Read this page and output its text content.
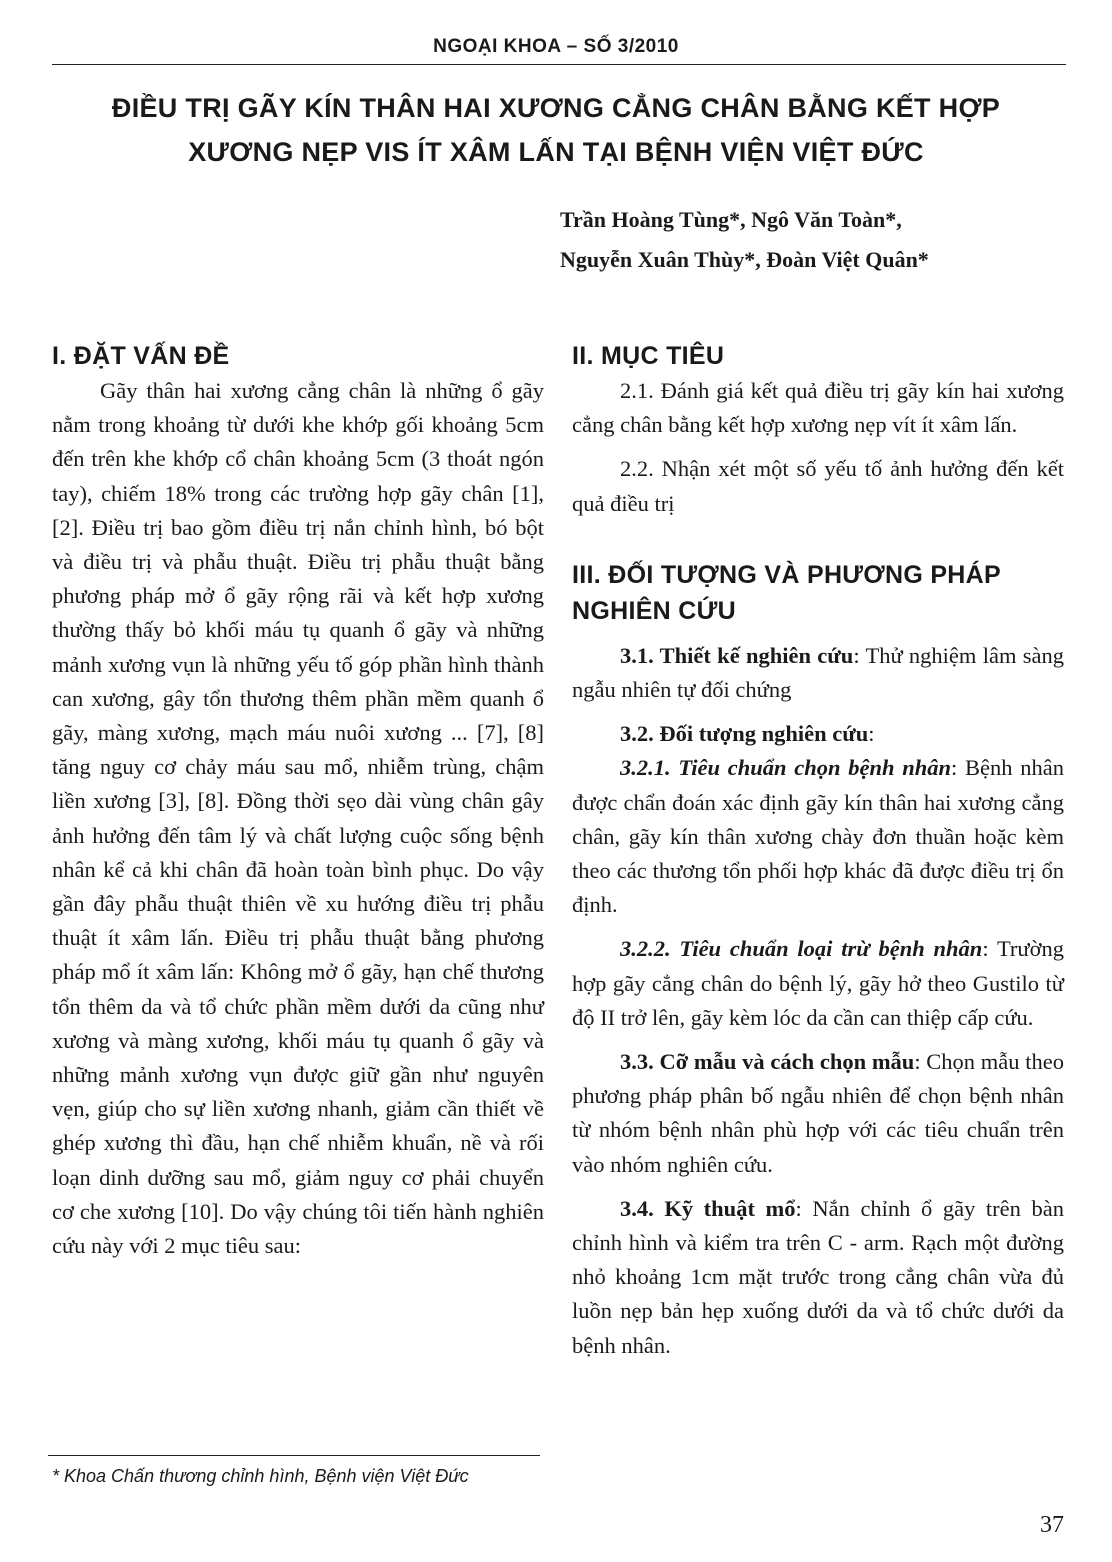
NGOẠI KHOA – SỐ 3/2010
ĐIỀU TRỊ GÃY KÍN THÂN HAI XƯƠNG CẲNG CHÂN BẰNG KẾT HỢP
XƯƠNG NẸP VIS ÍT XÂM LẤN TẠI BỆNH VIỆN VIỆT ĐỨC
Trần Hoàng Tùng*, Ngô Văn Toàn*,
Nguyễn Xuân Thùy*, Đoàn Việt Quân*
I. ĐẶT VẤN ĐỀ

Gãy thân hai xương cẳng chân là những ổ gãy nằm trong khoảng từ dưới khe khớp gối khoảng 5cm đến trên khe khớp cổ chân khoảng 5cm (3 thoát ngón tay), chiếm 18% trong các trường hợp gãy chân [1], [2]. Điều trị bao gồm điều trị nắn chỉnh hình, bó bột và điều trị và phẫu thuật. Điều trị phẫu thuật bằng phương pháp mở ổ gãy rộng rãi và kết hợp xương thường thấy bỏ khối máu tụ quanh ổ gãy và những mảnh xương vụn là những yếu tố góp phần hình thành can xương, gây tổn thương thêm phần mềm quanh ổ gãy, màng xương, mạch máu nuôi xương ... [7], [8] tăng nguy cơ chảy máu sau mổ, nhiễm trùng, chậm liền xương [3], [8]. Đồng thời sẹo dài vùng chân gây ảnh hưởng đến tâm lý và chất lượng cuộc sống bệnh nhân kể cả khi chân đã hoàn toàn bình phục. Do vậy gần đây phẫu thuật thiên về xu hướng điều trị phẫu thuật ít xâm lấn. Điều trị phẫu thuật bằng phương pháp mổ ít xâm lấn: Không mở ổ gãy, hạn chế thương tổn thêm da và tổ chức phần mềm dưới da cũng như xương và màng xương, khối máu tụ quanh ổ gãy và những mảnh xương vụn được giữ gần như nguyên vẹn, giúp cho sự liền xương nhanh, giảm cần thiết về ghép xương thì đầu, hạn chế nhiễm khuẩn, nề và rối loạn dinh dưỡng sau mổ, giảm nguy cơ phải chuyển cơ che xương [10]. Do vậy chúng tôi tiến hành nghiên cứu này với 2 mục tiêu sau:

II. MỤC TIÊU

2.1. Đánh giá kết quả điều trị gãy kín hai xương cẳng chân bằng kết hợp xương nẹp vít ít xâm lấn.

2.2. Nhận xét một số yếu tố ảnh hưởng đến kết quả điều trị

III. ĐỐI TƯỢNG VÀ PHƯƠNG PHÁP NGHIÊN CỨU

3.1. Thiết kế nghiên cứu: Thử nghiệm lâm sàng ngẫu nhiên tự đối chứng

3.2. Đối tượng nghiên cứu:

3.2.1. Tiêu chuẩn chọn bệnh nhân: Bệnh nhân được chẩn đoán xác định gãy kín thân hai xương cẳng chân, gãy kín thân xương chày đơn thuần hoặc kèm theo các thương tổn phối hợp khác đã được điều trị ổn định.

3.2.2. Tiêu chuẩn loại trừ bệnh nhân: Trường hợp gãy cẳng chân do bệnh lý, gãy hở theo Gustilo từ độ II trở lên, gãy kèm lóc da cần can thiệp cấp cứu.

3.3. Cỡ mẫu và cách chọn mẫu: Chọn mẫu theo phương pháp phân bố ngẫu nhiên để chọn bệnh nhân từ nhóm bệnh nhân phù hợp với các tiêu chuẩn trên vào nhóm nghiên cứu.

3.4. Kỹ thuật mổ: Nắn chỉnh ổ gãy trên bàn chỉnh hình và kiểm tra trên C - arm. Rạch một đường nhỏ khoảng 1cm mặt trước trong cẳng chân vừa đủ luồn nẹp bản hẹp xuống dưới da và tổ chức dưới da bệnh nhân.

* Khoa Chấn thương chỉnh hình, Bệnh viện Việt Đức
37
